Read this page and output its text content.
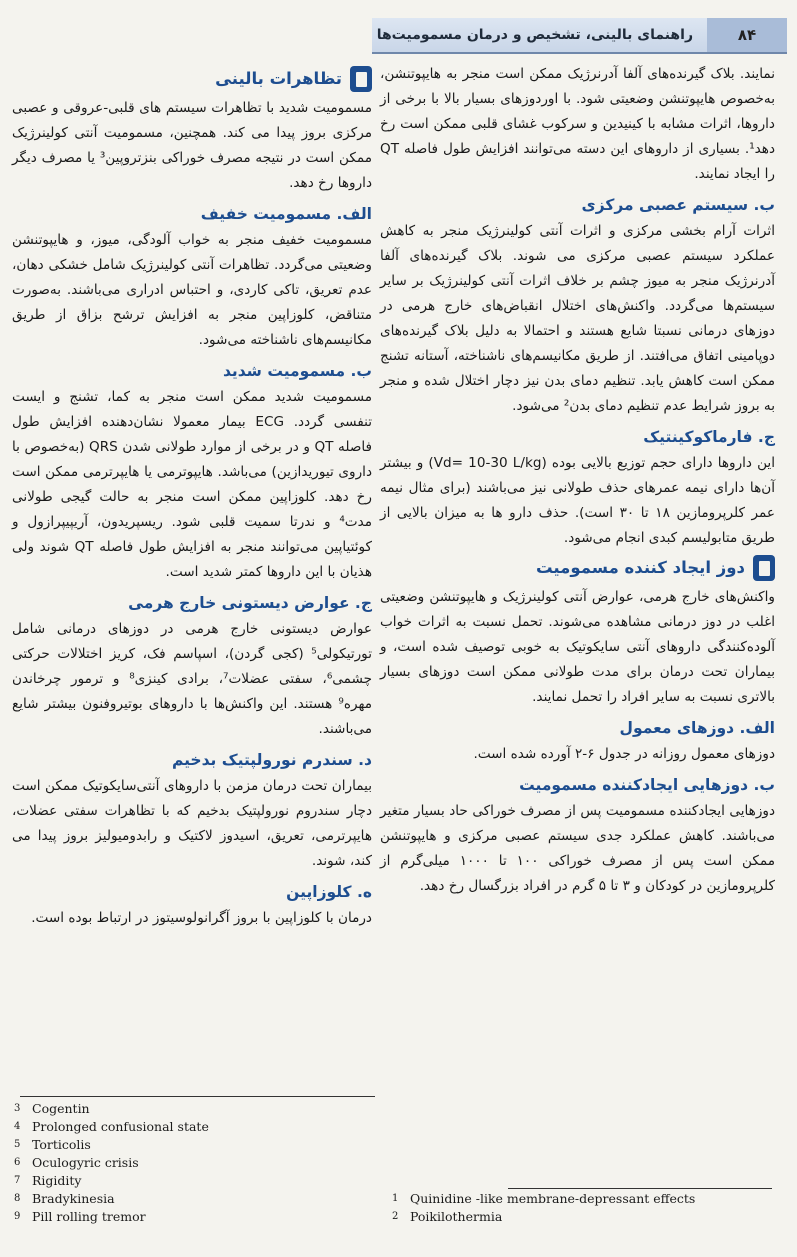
۸۴
راهنمای بالینی، تشخیص و درمان مسمومیت‌ها

نمایند. بلاک گیرنده‌های آلفا آدرنرژیک ممکن است منجر به هایپوتنشن، به‌خصوص هایپوتنشن وضعیتی شود. با اوردوزهای بسیار بالا با برخی از داروها، اثرات مشابه با کینیدین و سرکوب غشای قلبی ممکن است رخ دهد¹. بسیاری از داروهای این دسته می‌توانند افزایش طول فاصله QT را ایجاد نمایند.

ب. سیستم عصبی مرکزی

اثرات آرام بخشی مرکزی و اثرات آنتی کولینرژیک منجر به کاهش عملکرد سیستم عصبی مرکزی می شوند. بلاک گیرنده‌های آلفا آدرنرژیک منجر به میوز چشم بر خلاف اثرات آنتی کولینرژیک بر سایر سیستم‌ها می‌گردد. واکنش‌های اختلال انقباض‌های خارج هرمی در دوزهای درمانی نسبتا شایع هستند و احتمالا به دلیل بلاک گیرنده‌های دوپامینی اتفاق می‌افتند. از طریق مکانیسم‌های ناشناخته، آستانه تشنج ممکن است کاهش یابد. تنظیم دمای بدن نیز دچار اختلال شده و منجر به بروز شرایط عدم تنظیم دمای بدن² می‌شود.

ج. فارماکوکینتیک

این داروها دارای حجم توزیع بالایی بوده (Vd= 10-30 L/kg) و بیشتر آن‌ها دارای نیمه عمرهای حذف طولانی نیز می‌باشند (برای مثال نیمه عمر کلرپرومازین ۱۸ تا ۳۰ است). حذف دارو ها به میزان بالایی از طریق متابولیسم کبدی انجام می‌شود.

دوز ایجاد کننده مسمومیت

واکنش‌های خارج هرمی، عوارض آنتی کولینرژیک و هایپوتنشن وضعیتی اغلب در دوز درمانی مشاهده می‌شوند. تحمل نسبت به اثرات خواب آلوده‌کنندگی داروهای آنتی سایکوتیک به خوبی توصیف شده است، و بیماران تحت درمان برای مدت طولانی ممکن است دوزهای بسیار بالاتری نسبت به سایر افراد را تحمل نمایند.

الف. دوزهای معمول

دوزهای معمول روزانه در جدول ۶-۲ آورده شده است.

ب. دوزهایی ایجادکننده مسمومیت

دوزهایی ایجادکننده مسمومیت پس از مصرف خوراکی حاد بسیار متغیر می‌باشند. کاهش عملکرد جدی سیستم عصبی مرکزی و هایپوتنشن ممکن است پس از مصرف خوراکی ۱۰۰ تا ۱۰۰۰ میلی‌گرم از کلرپرومازین در کودکان و ۳ تا ۵ گرم در افراد بزرگسال رخ دهد.

1 Quinidine -like membrane-depressant effects
2 Poikilothermia
تظاهرات بالینی

مسمومیت شدید با تظاهرات سیستم های قلبی-عروقی و عصبی مرکزی بروز پیدا می کند. همچنین، مسمومیت آنتی کولینرژیک ممکن است در نتیجه مصرف خوراکی بنزتروپین³ یا مصرف دیگر داروها رخ دهد.

الف. مسمومیت خفیف

مسمومیت خفیف منجر به خواب آلودگی، میوز، و هایپوتنشن وضعیتی می‌گردد. تظاهرات آنتی کولینرژیک شامل خشکی دهان، عدم تعریق، تاکی کاردی، و احتباس ادراری می‌باشند. به‌صورت متناقض، کلوزاپین منجر به افزایش ترشح بزاق از طریق مکانیسم‌های ناشناخته می‌شود.

ب. مسمومیت شدید

مسمومیت شدید ممکن است منجر به کما، تشنج و ایست تنفسی گردد. ECG بیمار معمولا نشان‌دهنده افزایش طول فاصله QT و در برخی از موارد طولانی شدن QRS (به‌خصوص با داروی تیوریدازین) می‌باشد. هایپوترمی یا هایپرترمی ممکن است رخ دهد. کلوزاپین ممکن است منجر به حالت گیجی طولانی مدت⁴ و ندرتا سمیت قلبی شود. ریسپریدون، آریپیپرازول و کوئتیاپین می‌توانند منجر به افزایش طول فاصله QT شوند ولی هذیان با این داروها کمتر شدید است.

ج. عوارض دیستونی خارج هرمی

عوارض دیستونی خارج هرمی در دوزهای درمانی شامل تورتیکولی⁵ (کجی گردن)، اسپاسم فک، کریز اختلالات حرکتی چشمی⁶، سفتی عضلات⁷، برادی کینزی⁸ و ترمور چرخاندن مهره⁹ هستند. این واکنش‌ها با داروهای بوتیروفنون بیشتر شایع می‌باشند.

د. سندرم نورولپتیک بدخیم

بیماران تحت درمان مزمن با داروهای آنتی‌سایکوتیک ممکن است دچار سندروم نورولپتیک بدخیم که با تظاهرات سفتی عضلات، هایپرترمی، تعریق، اسیدوز لاکتیک و رابدومیولیز بروز پیدا می کند، شوند.

ه. کلوزاپین

درمان با کلوزاپین با بروز آگرانولوسیتوز در ارتباط بوده است.

3 Cogentin
4 Prolonged confusional state
5 Torticolis
6 Oculogyric crisis
7 Rigidity
8 Bradykinesia
9 Pill rolling tremor
